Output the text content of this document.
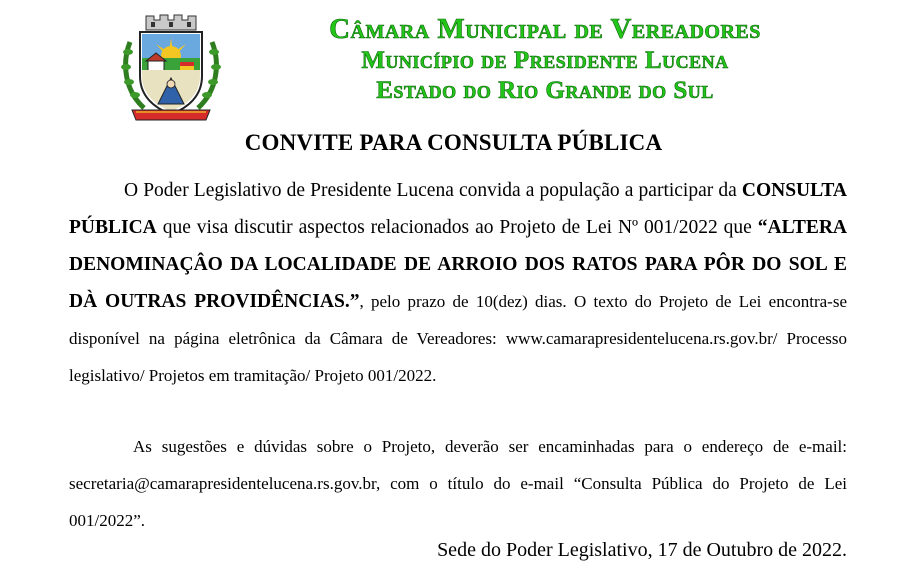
Câmara Municipal de Vereadores
Município de Presidente Lucena
Estado do Rio Grande do Sul
CONVITE PARA CONSULTA PÚBLICA
O Poder Legislativo de Presidente Lucena convida a população a participar da CONSULTA PÚBLICA que visa discutir aspectos relacionados ao Projeto de Lei Nº 001/2022 que “ALTERA DENOMINAÇÂO DA LOCALIDADE DE ARROIO DOS RATOS PARA PÔR DO SOL E DÀ OUTRAS PROVIDÊNCIAS.”, pelo prazo de 10(dez) dias. O texto do Projeto de Lei encontra-se disponível na página eletrônica da Câmara de Vereadores: www.camarapresidentelucena.rs.gov.br/ Processo legislativo/ Projetos em tramitação/ Projeto 001/2022.
As sugestões e dúvidas sobre o Projeto, deverão ser encaminhadas para o endereço de e-mail: secretaria@camarapresidentelucena.rs.gov.br, com o título do e-mail “Consulta Pública do Projeto de Lei 001/2022”.
Sede do Poder Legislativo, 17 de Outubro de 2022.
